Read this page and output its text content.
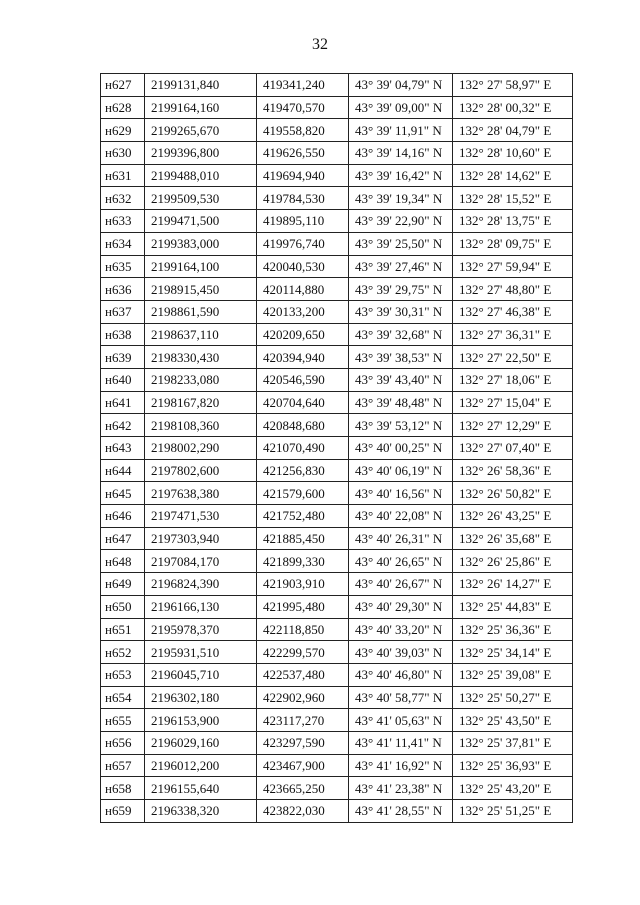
32
н627	2199131,840	419341,240	43° 39' 04,79" N	132° 27' 58,97" E
н628	2199164,160	419470,570	43° 39' 09,00" N	132° 28' 00,32" E
н629	2199265,670	419558,820	43° 39' 11,91" N	132° 28' 04,79" E
н630	2199396,800	419626,550	43° 39' 14,16" N	132° 28' 10,60" E
н631	2199488,010	419694,940	43° 39' 16,42" N	132° 28' 14,62" E
н632	2199509,530	419784,530	43° 39' 19,34" N	132° 28' 15,52" E
н633	2199471,500	419895,110	43° 39' 22,90" N	132° 28' 13,75" E
н634	2199383,000	419976,740	43° 39' 25,50" N	132° 28' 09,75" E
н635	2199164,100	420040,530	43° 39' 27,46" N	132° 27' 59,94" E
н636	2198915,450	420114,880	43° 39' 29,75" N	132° 27' 48,80" E
н637	2198861,590	420133,200	43° 39' 30,31" N	132° 27' 46,38" E
н638	2198637,110	420209,650	43° 39' 32,68" N	132° 27' 36,31" E
н639	2198330,430	420394,940	43° 39' 38,53" N	132° 27' 22,50" E
н640	2198233,080	420546,590	43° 39' 43,40" N	132° 27' 18,06" E
н641	2198167,820	420704,640	43° 39' 48,48" N	132° 27' 15,04" E
н642	2198108,360	420848,680	43° 39' 53,12" N	132° 27' 12,29" E
н643	2198002,290	421070,490	43° 40' 00,25" N	132° 27' 07,40" E
н644	2197802,600	421256,830	43° 40' 06,19" N	132° 26' 58,36" E
н645	2197638,380	421579,600	43° 40' 16,56" N	132° 26' 50,82" E
н646	2197471,530	421752,480	43° 40' 22,08" N	132° 26' 43,25" E
н647	2197303,940	421885,450	43° 40' 26,31" N	132° 26' 35,68" E
н648	2197084,170	421899,330	43° 40' 26,65" N	132° 26' 25,86" E
н649	2196824,390	421903,910	43° 40' 26,67" N	132° 26' 14,27" E
н650	2196166,130	421995,480	43° 40' 29,30" N	132° 25' 44,83" E
н651	2195978,370	422118,850	43° 40' 33,20" N	132° 25' 36,36" E
н652	2195931,510	422299,570	43° 40' 39,03" N	132° 25' 34,14" E
н653	2196045,710	422537,480	43° 40' 46,80" N	132° 25' 39,08" E
н654	2196302,180	422902,960	43° 40' 58,77" N	132° 25' 50,27" E
н655	2196153,900	423117,270	43° 41' 05,63" N	132° 25' 43,50" E
н656	2196029,160	423297,590	43° 41' 11,41" N	132° 25' 37,81" E
н657	2196012,200	423467,900	43° 41' 16,92" N	132° 25' 36,93" E
н658	2196155,640	423665,250	43° 41' 23,38" N	132° 25' 43,20" E
н659	2196338,320	423822,030	43° 41' 28,55" N	132° 25' 51,25" E
